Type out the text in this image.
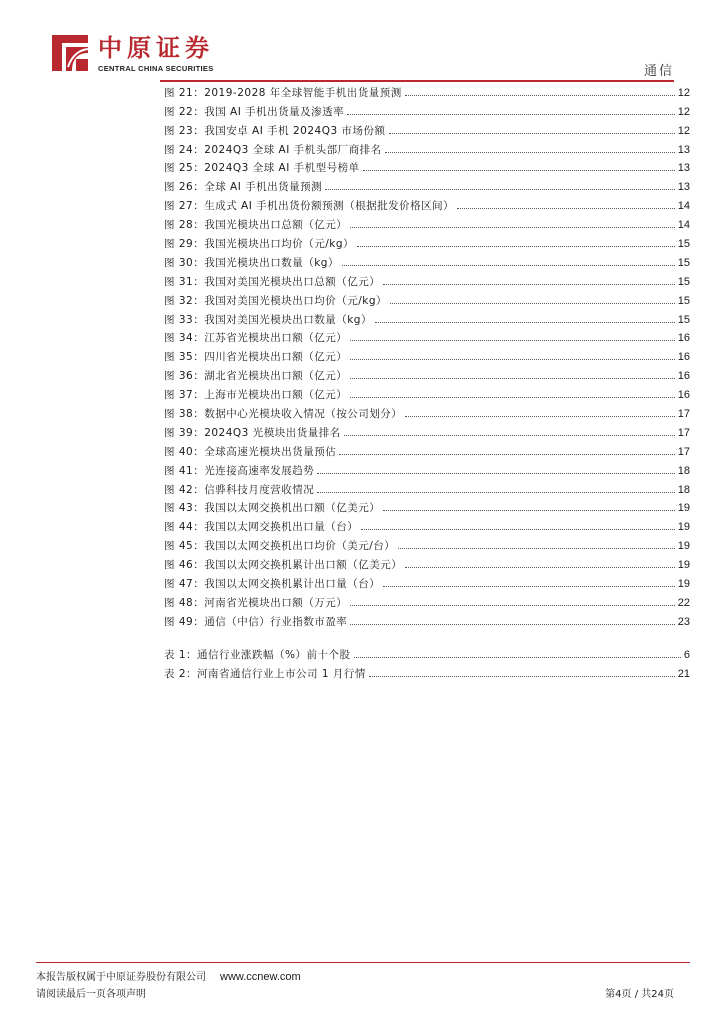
中原证券
CENTRAL CHINA SECURITIES	通信
图 21：2019-2028 年全球智能手机出货量预测	12
图 22：我国 AI 手机出货量及渗透率	12
图 23：我国安卓 AI 手机 2024Q3 市场份额	12
图 24：2024Q3 全球 AI 手机头部厂商排名	13
图 25：2024Q3 全球 AI 手机型号榜单	13
图 26：全球 AI 手机出货量预测	13
图 27：生成式 AI 手机出货份额预测（根据批发价格区间）	14
图 28：我国光模块出口总额（亿元）	14
图 29：我国光模块出口均价（元/kg）	15
图 30：我国光模块出口数量（kg）	15
图 31：我国对美国光模块出口总额（亿元）	15
图 32：我国对美国光模块出口均价（元/kg）	15
图 33：我国对美国光模块出口数量（kg）	15
图 34：江苏省光模块出口额（亿元）	16
图 35：四川省光模块出口额（亿元）	16
图 36：湖北省光模块出口额（亿元）	16
图 37：上海市光模块出口额（亿元）	16
图 38：数据中心光模块收入情况（按公司划分）	17
图 39：2024Q3 光模块出货量排名	17
图 40：全球高速光模块出货量预估	17
图 41：光连接高速率发展趋势	18
图 42：信骅科技月度营收情况	18
图 43：我国以太网交换机出口额（亿美元）	19
图 44：我国以太网交换机出口量（台）	19
图 45：我国以太网交换机出口均价（美元/台）	19
图 46：我国以太网交换机累计出口额（亿美元）	19
图 47：我国以太网交换机累计出口量（台）	19
图 48：河南省光模块出口额（万元）	22
图 49：通信（中信）行业指数市盈率	23
表 1：通信行业涨跌幅（%）前十个股	6
表 2：河南省通信行业上市公司 1 月行情	21
本报告版权属于中原证券股份有限公司 www.ccnew.com
请阅读最后一页各项声明	第4页 / 共24页
